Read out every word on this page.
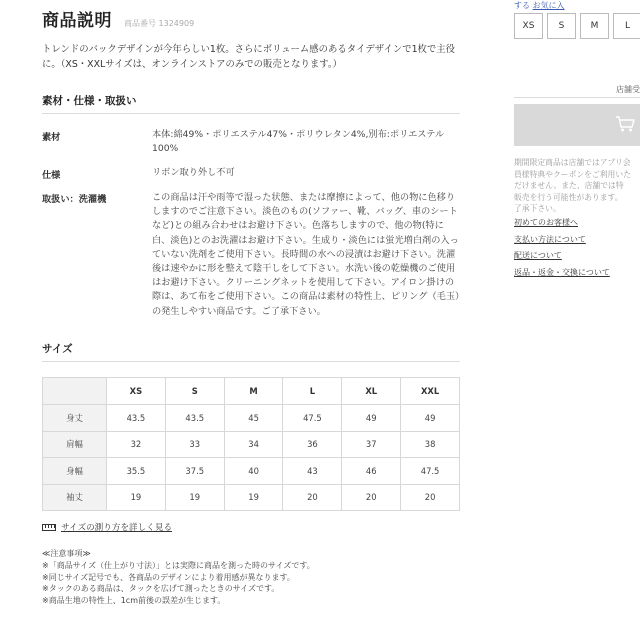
商品説明 商品番号 1324909

トレンドのバックデザインが今年らしい1枚。さらにボリューム感のあるタイデザインで1枚で主役に。（XS・XXLサイズは、オンラインストアのみでの販売となります。）

素材・仕様・取扱い
素材	本体:綿49%・ポリエステル47%・ポリウレタン4%,別布:ポリエステル100%
仕様	リボン取り外し不可
取扱い：洗濯機	この商品は汗や雨等で湿った状態、または摩擦によって、他の物に色移りしますのでご注意下さい。淡色のもの(ソファー、靴、バッグ、車のシートなど)との組み合わせはお避け下さい。色落ちしますので、他の物(特に白、淡色)とのお洗濯はお避け下さい。生成り・淡色には蛍光増白剤の入っていない洗剤をご使用下さい。長時間の水への浸漬はお避け下さい。洗濯後は速やかに形を整えて陰干しをして下さい。水洗い後の乾燥機のご使用はお避け下さい。クリーニングネットを使用して下さい。アイロン掛けの際は、あて布をご使用下さい。この商品は素材の特性上、ピリング（毛玉）の発生しやすい商品です。ご了承下さい。
サイズ
	XS	S	M	L	XL	XXL
身丈	43.5	43.5	45	47.5	49	49
肩幅	32	33	34	36	37	38
身幅	35.5	37.5	40	43	46	47.5
袖丈	19	19	19	20	20	20
サイズの測り方を詳しく見る
≪注意事項≫
※「商品サイズ（仕上がり寸法）」とは実際に商品を測った時のサイズです。
※同じサイズ記号でも、各商品のデザインにより着用感が異なります。
※タックのある商品は、タックを広げて測ったときのサイズです。
※商品生地の特性上、1cm前後の誤差が生じます。
する お気に入
XS	S	M	L
店舗受
期間限定商品は店舗ではアプリ会
員様特典やクーポンをご利用いた
だけません。また、店舗では特
販売を行う可能性があります。
了承下さい。
初めてのお客様へ
支払い方法について
配送について
返品・返金・交換について
